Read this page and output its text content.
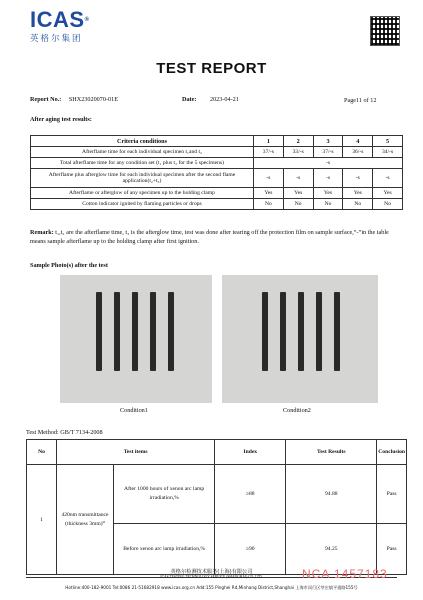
ICAS®
英格尔集团
TEST REPORT
Report No.: SHX23020070-01E	Date: 2023-04-21	Page11 of 12
After aging test results:
Criteria conditions	1	2	3	4	5
Afterflame time for each individual specimen t₁and t₂	37/-s	33/-s	37/-s	36/-s	34/-s
Total afterflame time for any condition set (t₁ plus t₂ for the 5 specimens)	-s				
Afterflame plus afterglow time for each individual specimen after the second flame application(t₂+t₃)	-s	-s	-s	-s	-s
Afterflame or afterglow of any specimen up to the holding clamp	Yes	Yes	Yes	Yes	Yes
Cotton indicator ignited by flaming particles or drops	No	No	No	No	No
Remark: t₁,t₂ are the afterflame time, t₃ is the afterglow time, test was done after tearing off the protection film on sample surface,“-”in the table means sample afterflame up to the holding clamp after first ignition.
Sample Photo(s) after the test
Condition1	Condition2
Test Method: GB/T 7134-2008
No	Test items		Index	Test Results	Conclusion
1	420nm transmittance (thickness 3mm)⁰	After 1000 hours of xenon arc lamp irradiation,%	≥88	94.88	Pass
		Before xenon arc lamp irradiation,%	≥90	94.25	Pass
英格尔检测技术服务(上海)有限公司
ICAS TESTING TECHNOLOGY SERVICE (SHANGHAI) CO.,LTD.
Hotline:400-182-9001 Tel:0086 21-51682918 www.icas.org.cn Add:155 Pinghei Rd,Minhang District,Shanghai 上海市闵行区莘庄镇平禧路155号
NCA 1457183
